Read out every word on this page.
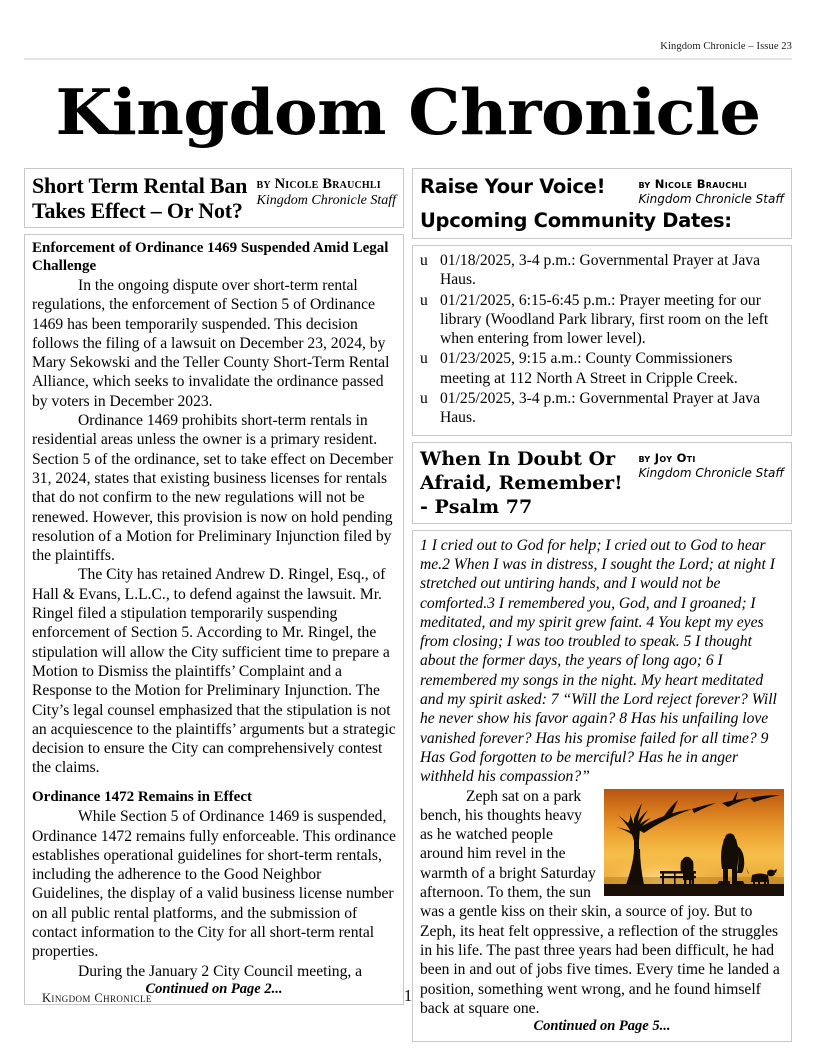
Kingdom Chronicle – Issue 23
Kingdom Chronicle
Short Term Rental Ban
Takes Effect – Or Not?
by Nicole Brauchli
Kingdom Chronicle Staff
Enforcement of Ordinance 1469 Suspended Amid Legal Challenge

In the ongoing dispute over short-term rental regulations, the enforcement of Section 5 of Ordinance 1469 has been temporarily suspended. This decision follows the filing of a lawsuit on December 23, 2024, by Mary Sekowski and the Teller County Short-Term Rental Alliance, which seeks to invalidate the ordinance passed by voters in December 2023.

Ordinance 1469 prohibits short-term rentals in residential areas unless the owner is a primary resident. Section 5 of the ordinance, set to take effect on December 31, 2024, states that existing business licenses for rentals that do not confirm to the new regulations will not be renewed. However, this provision is now on hold pending resolution of a Motion for Preliminary Injunction filed by the plaintiffs.

The City has retained Andrew D. Ringel, Esq., of Hall & Evans, L.L.C., to defend against the lawsuit. Mr. Ringel filed a stipulation temporarily suspending enforcement of Section 5. According to Mr. Ringel, the stipulation will allow the City sufficient time to prepare a Motion to Dismiss the plaintiffs’ Complaint and a Response to the Motion for Preliminary Injunction. The City’s legal counsel emphasized that the stipulation is not an acquiescence to the plaintiffs’ arguments but a strategic decision to ensure the City can comprehensively contest the claims.

Ordinance 1472 Remains in Effect

While Section 5 of Ordinance 1469 is suspended, Ordinance 1472 remains fully enforceable. This ordinance establishes operational guidelines for short-term rentals, including the adherence to the Good Neighbor Guidelines, the display of a valid business license number on all public rental platforms, and the submission of contact information to the City for all short-term rental properties.

During the January 2 City Council meeting, a

Continued on Page 2...
Raise Your Voice!	by Nicole Brauchli
Kingdom Chronicle Staff
Upcoming Community Dates:

u 01/18/2025, 3-4 p.m.: Governmental Prayer at Java Haus.

u 01/21/2025, 6:15-6:45 p.m.: Prayer meeting for our library (Woodland Park library, first room on the left when entering from lower level).

u 01/23/2025, 9:15 a.m.: County Commissioners meeting at 112 North A Street in Cripple Creek.

u 01/25/2025, 3-4 p.m.: Governmental Prayer at Java Haus.

When In Doubt Or
Afraid, Remember!
- Psalm 77
by Joy Oti
Kingdom Chronicle Staff

1 I cried out to God for help; I cried out to God to hear me.2 When I was in distress, I sought the Lord; at night I stretched out untiring hands, and I would not be comforted.3 I remembered you, God, and I groaned; I meditated, and my spirit grew faint. 4 You kept my eyes from closing; I was too troubled to speak. 5 I thought about the former days, the years of long ago; 6 I remembered my songs in the night. My heart meditated and my spirit asked: 7 “Will the Lord reject forever? Will he never show his favor again? 8 Has his unfailing love vanished forever? Has his promise failed for all time? 9 Has God forgotten to be merciful? Has he in anger withheld his compassion?”

Zeph sat on a park bench, his thoughts heavy as he watched people around him revel in the warmth of a bright Saturday afternoon. To them, the sun was a gentle kiss on their skin, a source of joy. But to Zeph, its heat felt oppressive, a reflection of the struggles in his life. The past three years had been difficult, he had been in and out of jobs five times. Every time he landed a position, something went wrong, and he found himself back at square one.

Continued on Page 5...
Kingdom Chronicle	1
